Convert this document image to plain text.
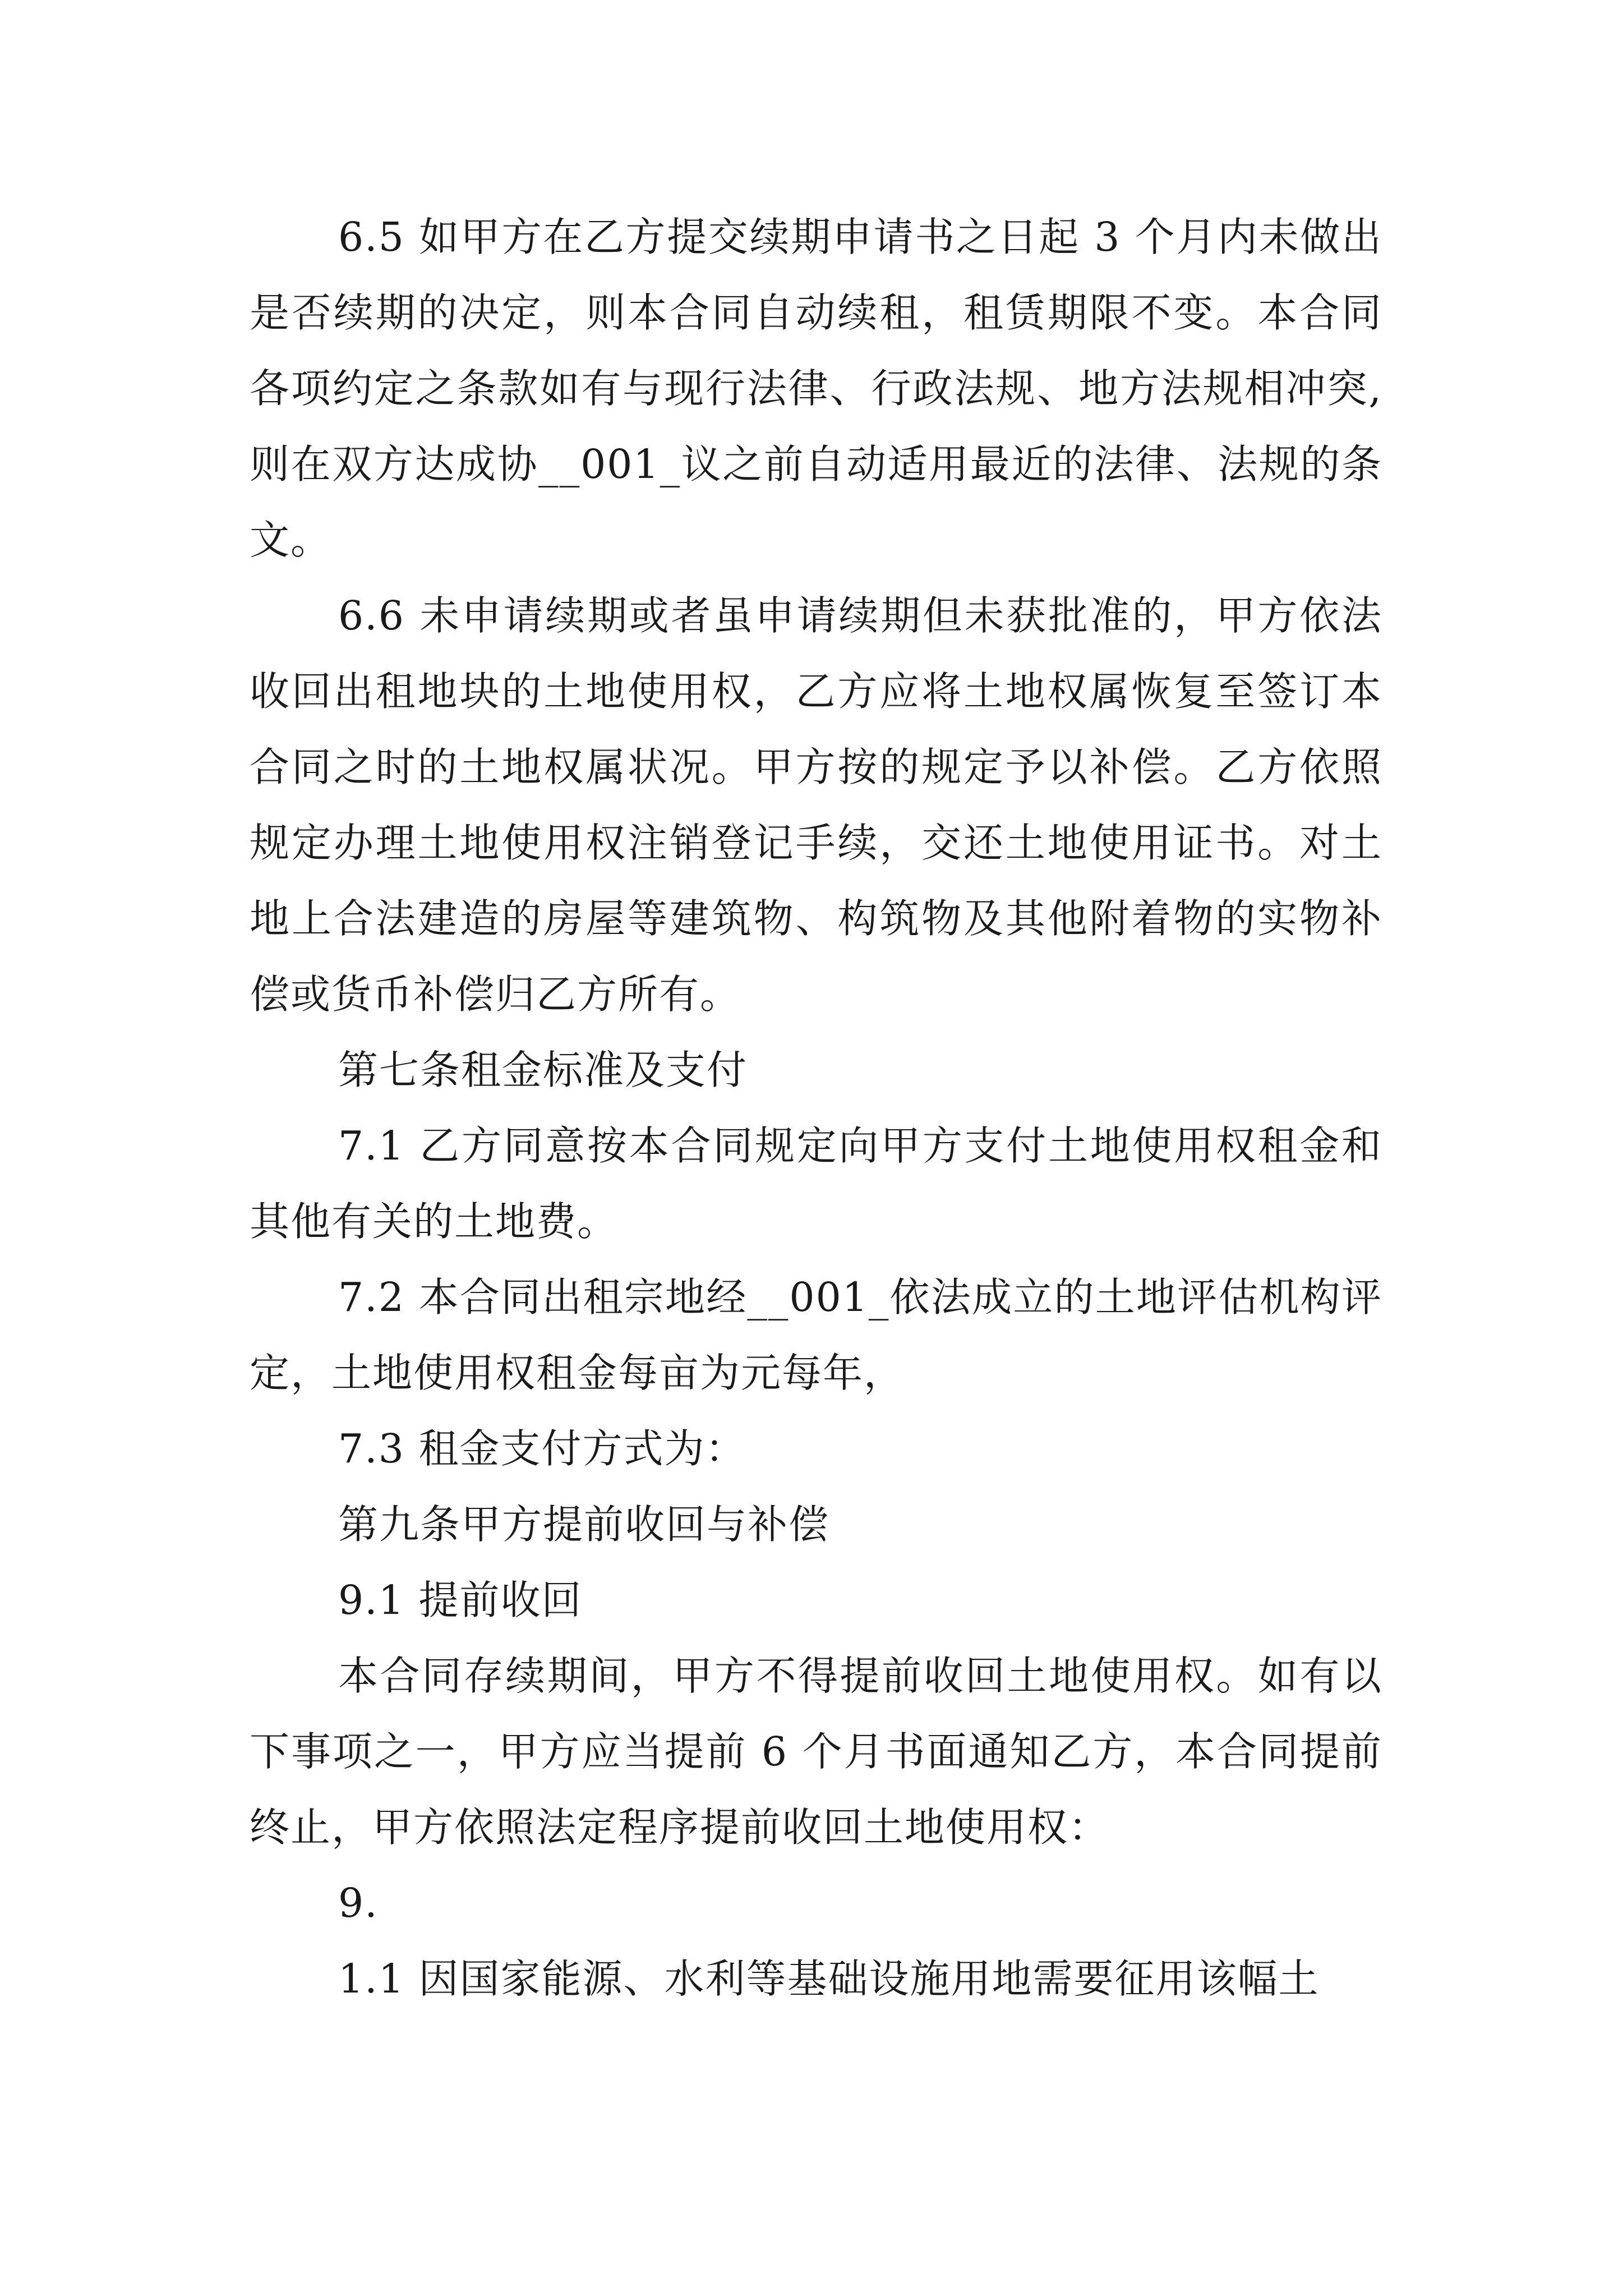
6.5 如甲方在乙方提交续期申请书之日起 3 个月内未做出是否续期的决定，则本合同自动续租，租赁期限不变。本合同各项约定之条款如有与现行法律、行政法规、地方法规相冲突,则在双方达成协__001_议之前自动适用最近的法律、法规的条文。

6.6 未申请续期或者虽申请续期但未获批准的，甲方依法收回出租地块的土地使用权，乙方应将土地权属恢复至签订本合同之时的土地权属状况。甲方按的规定予以补偿。乙方依照规定办理土地使用权注销登记手续，交还土地使用证书。对土地上合法建造的房屋等建筑物、构筑物及其他附着物的实物补偿或货币补偿归乙方所有。

第七条租金标准及支付

7.1 乙方同意按本合同规定向甲方支付土地使用权租金和其他有关的土地费。

7.2 本合同出租宗地经__001_依法成立的土地评估机构评定，土地使用权租金每亩为元每年，

7.3 租金支付方式为：

第九条甲方提前收回与补偿

9.1 提前收回

本合同存续期间，甲方不得提前收回土地使用权。如有以下事项之一，甲方应当提前 6 个月书面通知乙方，本合同提前终止，甲方依照法定程序提前收回土地使用权：

9.

1.1 因国家能源、水利等基础设施用地需要征用该幅土
